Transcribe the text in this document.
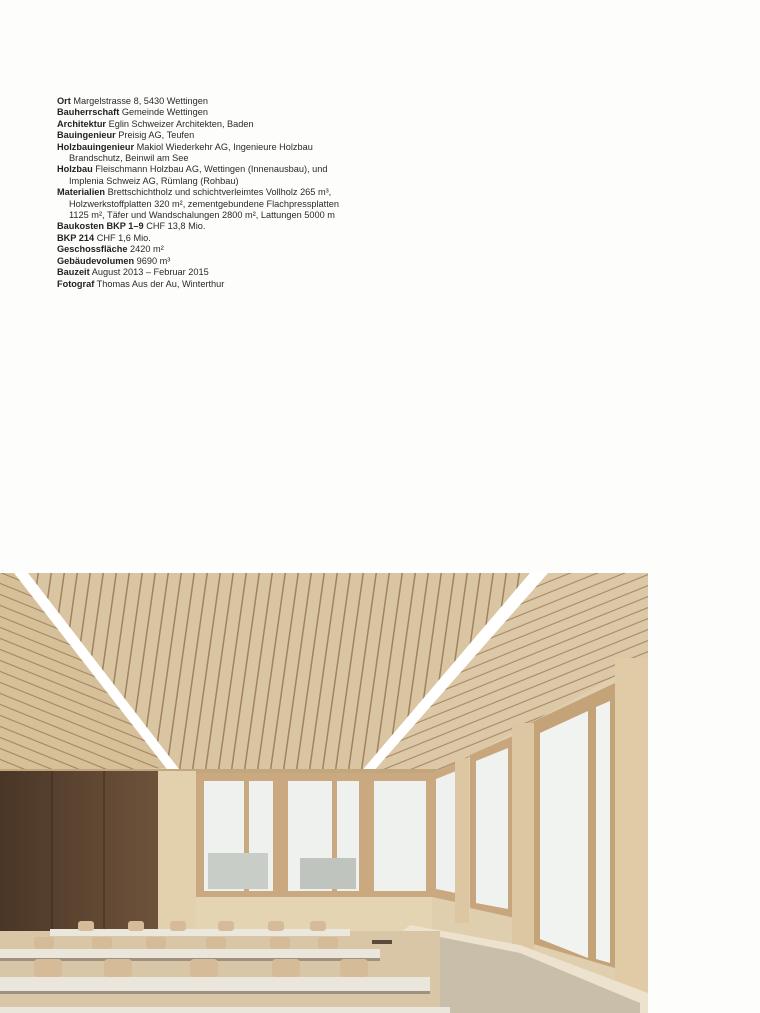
Ort Margelstrasse 8, 5430 Wettingen
Bauherrschaft Gemeinde Wettingen
Architektur Eglin Schweizer Architekten, Baden
Bauingenieur Preisig AG, Teufen
Holzbauingenieur Makiol Wiederkehr AG, Ingenieure Holzbau
Brandschutz, Beinwil am See
Holzbau Fleischmann Holzbau AG, Wettingen (Innenausbau), und
Implenia Schweiz AG, Rümlang (Rohbau)
Materialien Brettschichtholz und schichtverleimtes Vollholz 265 m³,
Holzwerkstoffplatten 320 m², zementgebundene Flachpressplatten
1125 m², Täfer und Wandschalungen 2800 m², Lattungen 5000 m
Baukosten BKP 1–9 CHF 13,8 Mio.
BKP 214 CHF 1,6 Mio.
Geschossfläche 2420 m²
Gebäudevolumen 9690 m³
Bauzeit August 2013 – Februar 2015
Fotograf Thomas Aus der Au, Winterthur
